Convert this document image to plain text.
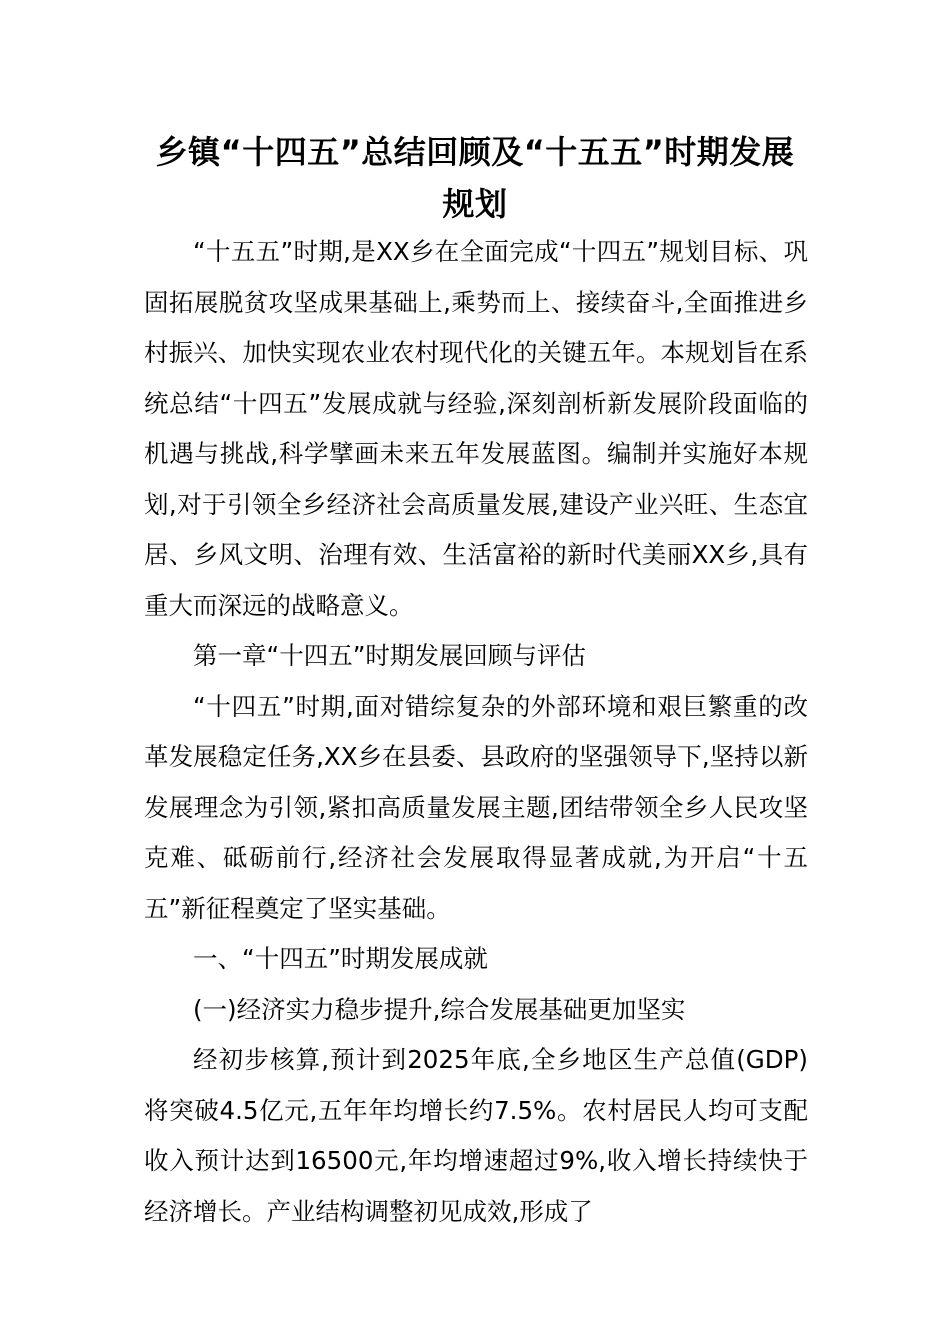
乡镇“十四五”总结回顾及“十五五”时期发展规划

“十五五”时期,是XX乡在全面完成“十四五”规划目标、巩固拓展脱贫攻坚成果基础上,乘势而上、接续奋斗,全面推进乡村振兴、加快实现农业农村现代化的关键五年。本规划旨在系统总结“十四五”发展成就与经验,深刻剖析新发展阶段面临的机遇与挑战,科学擘画未来五年发展蓝图。编制并实施好本规划,对于引领全乡经济社会高质量发展,建设产业兴旺、生态宜居、乡风文明、治理有效、生活富裕的新时代美丽XX乡,具有重大而深远的战略意义。

第一章“十四五”时期发展回顾与评估

“十四五”时期,面对错综复杂的外部环境和艰巨繁重的改革发展稳定任务,XX乡在县委、县政府的坚强领导下,坚持以新发展理念为引领,紧扣高质量发展主题,团结带领全乡人民攻坚克难、砥砺前行,经济社会发展取得显著成就,为开启“十五五”新征程奠定了坚实基础。

一、“十四五”时期发展成就

(一)经济实力稳步提升,综合发展基础更加坚实

经初步核算,预计到2025年底,全乡地区生产总值(GDP)将突破4.5亿元,五年年均增长约7.5%。农村居民人均可支配收入预计达到16500元,年均增速超过9%,收入增长持续快于经济增长。产业结构调整初见成效,形成了
